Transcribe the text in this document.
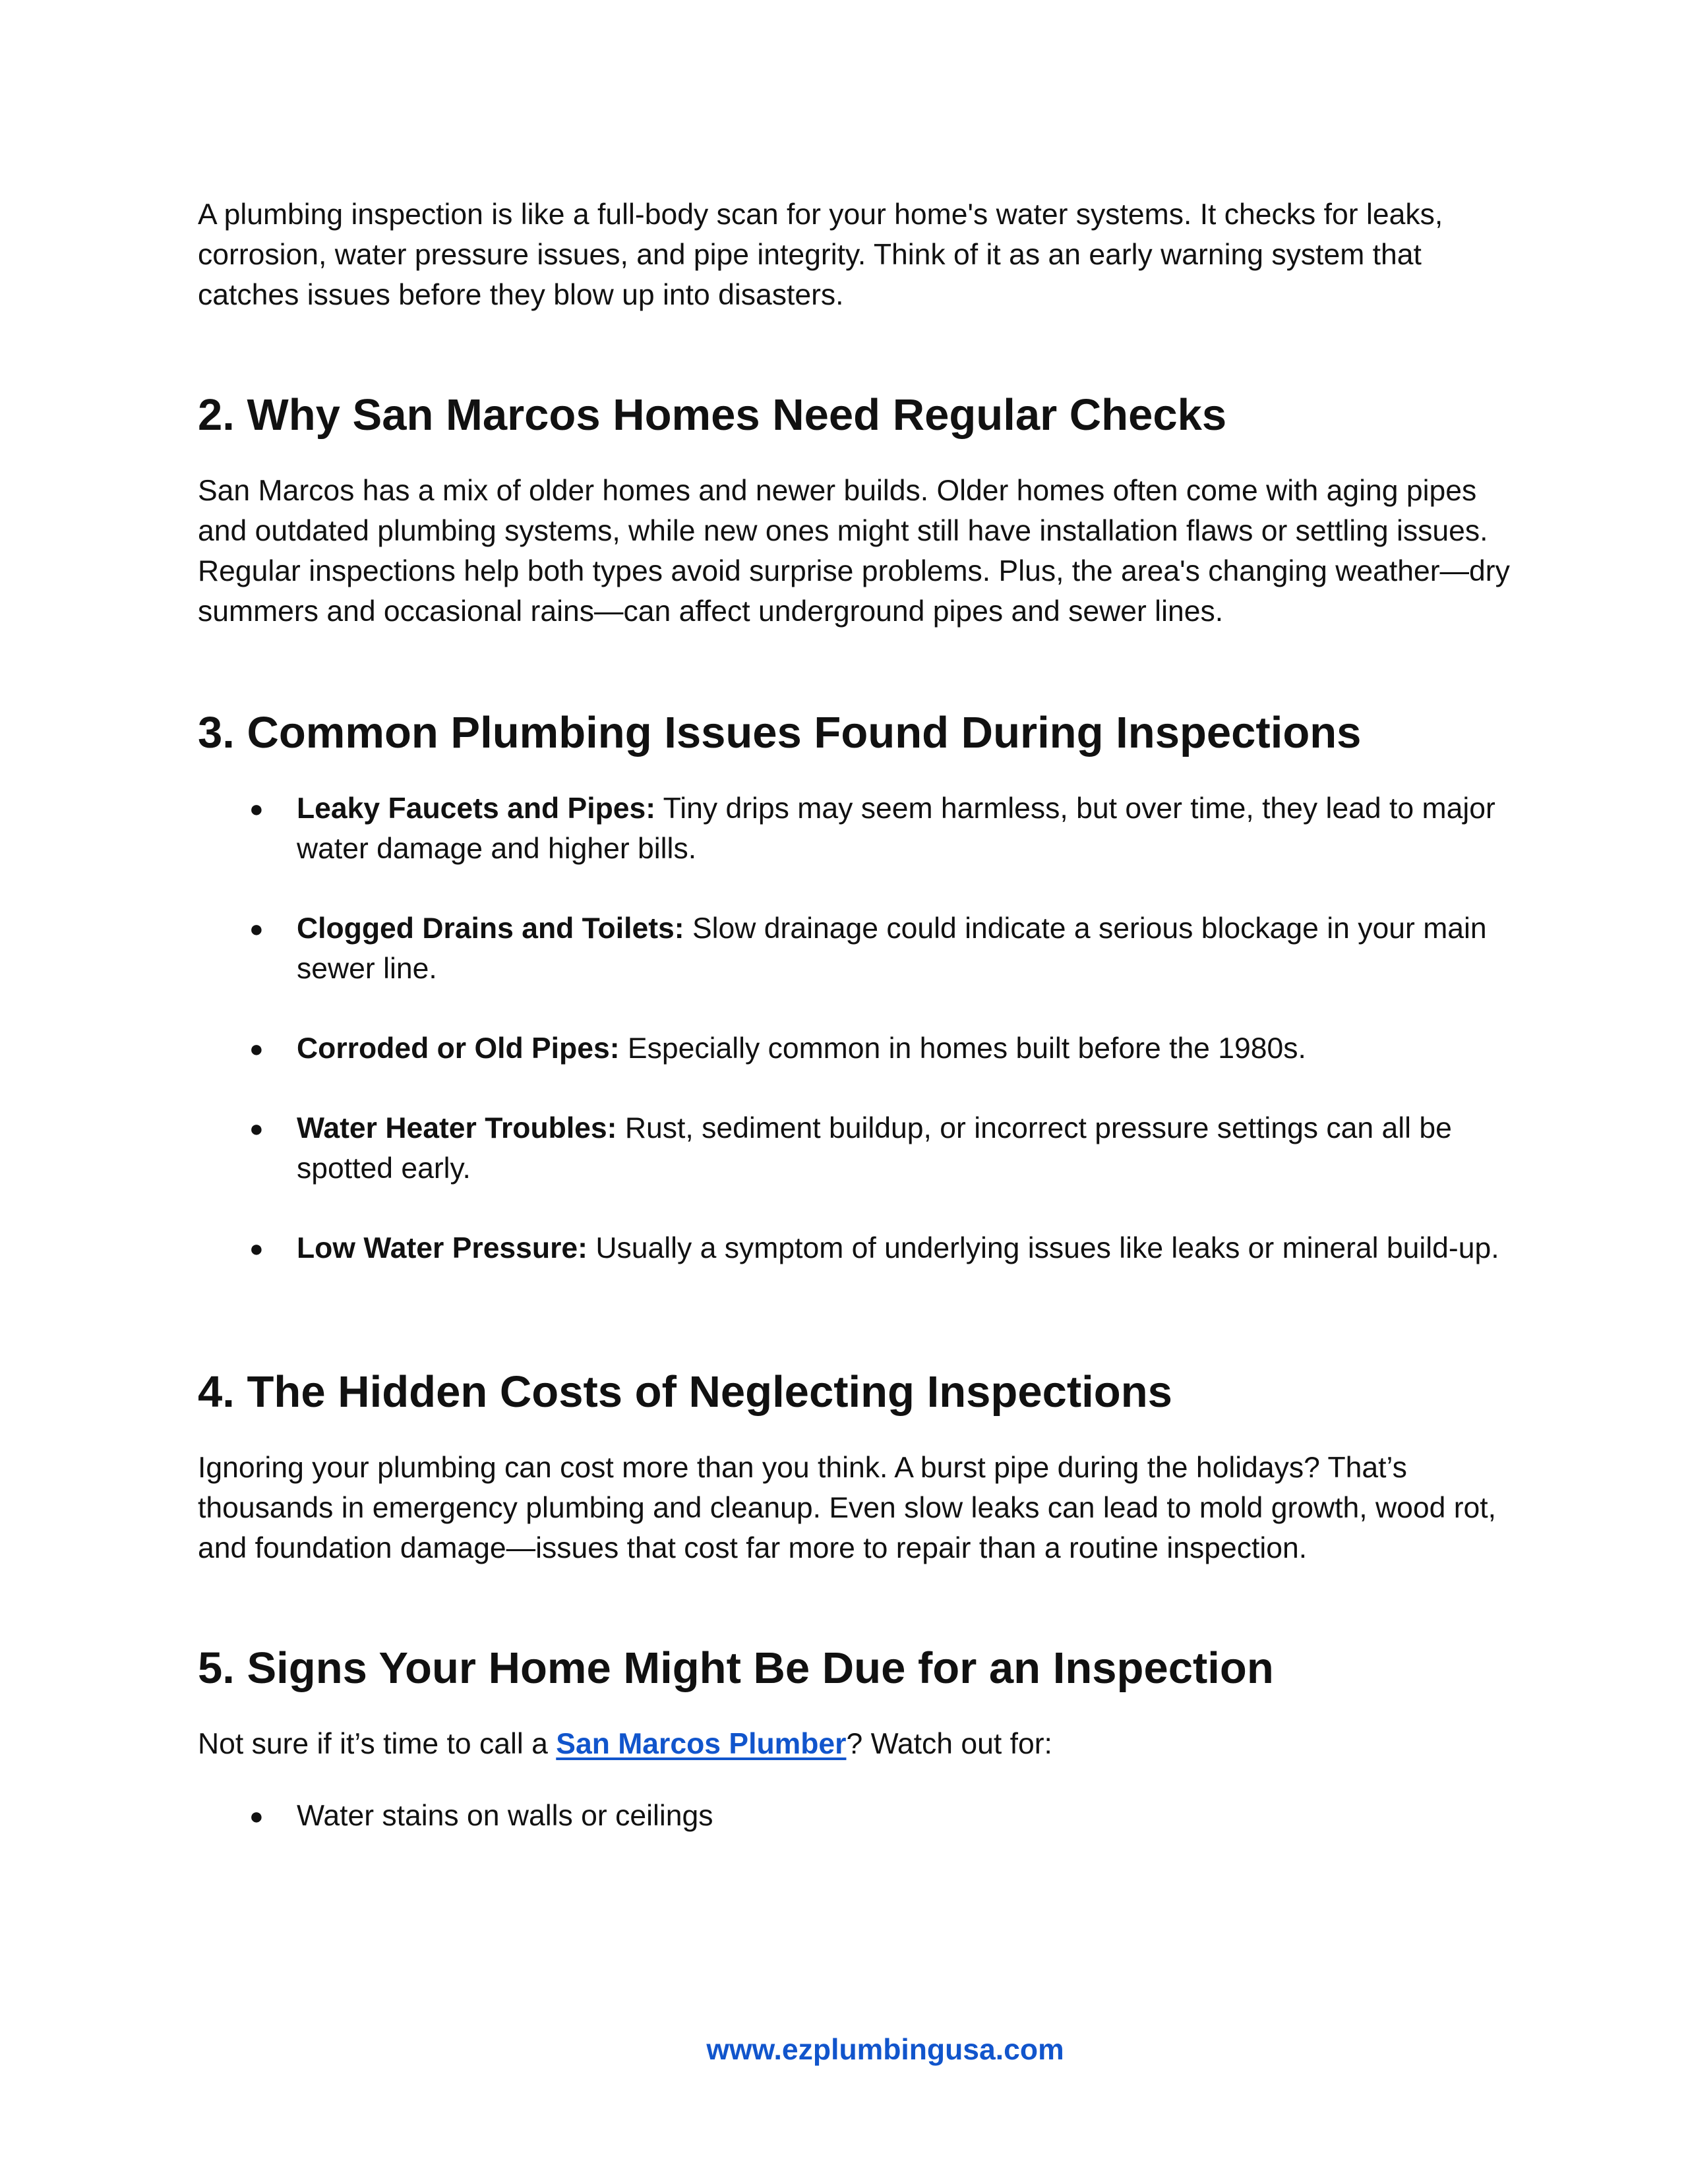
A plumbing inspection is like a full-body scan for your home's water systems. It checks for leaks, corrosion, water pressure issues, and pipe integrity. Think of it as an early warning system that catches issues before they blow up into disasters.

2. Why San Marcos Homes Need Regular Checks

San Marcos has a mix of older homes and newer builds. Older homes often come with aging pipes and outdated plumbing systems, while new ones might still have installation flaws or settling issues. Regular inspections help both types avoid surprise problems. Plus, the area's changing weather—dry summers and occasional rains—can affect underground pipes and sewer lines.

3. Common Plumbing Issues Found During Inspections
● Leaky Faucets and Pipes: Tiny drips may seem harmless, but over time, they lead to major water damage and higher bills.
● Clogged Drains and Toilets: Slow drainage could indicate a serious blockage in your main sewer line.
● Corroded or Old Pipes: Especially common in homes built before the 1980s.
● Water Heater Troubles: Rust, sediment buildup, or incorrect pressure settings can all be spotted early.
● Low Water Pressure: Usually a symptom of underlying issues like leaks or mineral build-up.
4. The Hidden Costs of Neglecting Inspections

Ignoring your plumbing can cost more than you think. A burst pipe during the holidays? That’s thousands in emergency plumbing and cleanup. Even slow leaks can lead to mold growth, wood rot, and foundation damage—issues that cost far more to repair than a routine inspection.

5. Signs Your Home Might Be Due for an Inspection

Not sure if it’s time to call a San Marcos Plumber? Watch out for:

● Water stains on walls or ceilings
www.ezplumbingusa.com
